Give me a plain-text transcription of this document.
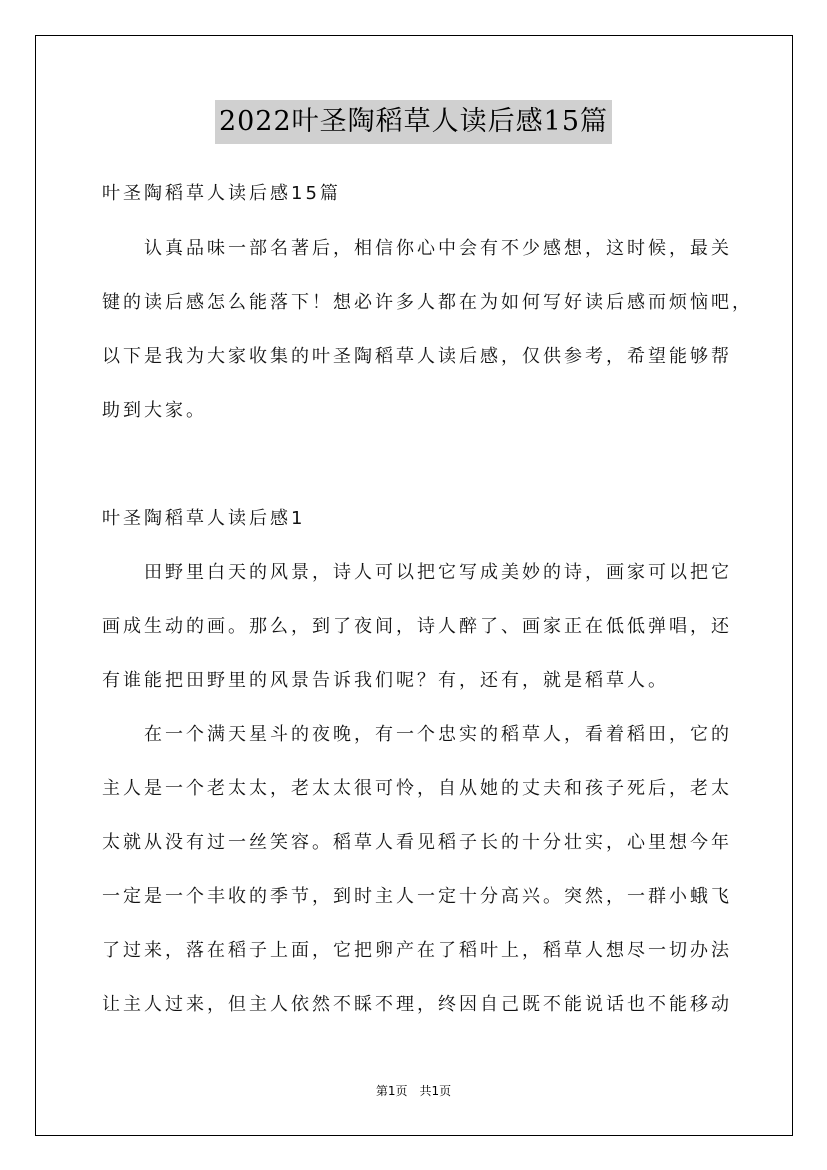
2022叶圣陶稻草人读后感15篇
叶圣陶稻草人读后感15篇
认真品味一部名著后，相信你心中会有不少感想，这时候，最关
键的读后感怎么能落下！想必许多人都在为如何写好读后感而烦恼吧，
以下是我为大家收集的叶圣陶稻草人读后感，仅供参考，希望能够帮
助到大家。
叶圣陶稻草人读后感1
田野里白天的风景，诗人可以把它写成美妙的诗，画家可以把它
画成生动的画。那么，到了夜间，诗人醉了、画家正在低低弹唱，还
有谁能把田野里的风景告诉我们呢？有，还有，就是稻草人。
在一个满天星斗的夜晚，有一个忠实的稻草人，看着稻田，它的
主人是一个老太太，老太太很可怜，自从她的丈夫和孩子死后，老太
太就从没有过一丝笑容。稻草人看见稻子长的十分壮实，心里想今年
一定是一个丰收的季节，到时主人一定十分高兴。突然，一群小蛾飞
了过来，落在稻子上面，它把卵产在了稻叶上，稻草人想尽一切办法
让主人过来，但主人依然不睬不理，终因自己既不能说话也不能移动
第1页　共1页
